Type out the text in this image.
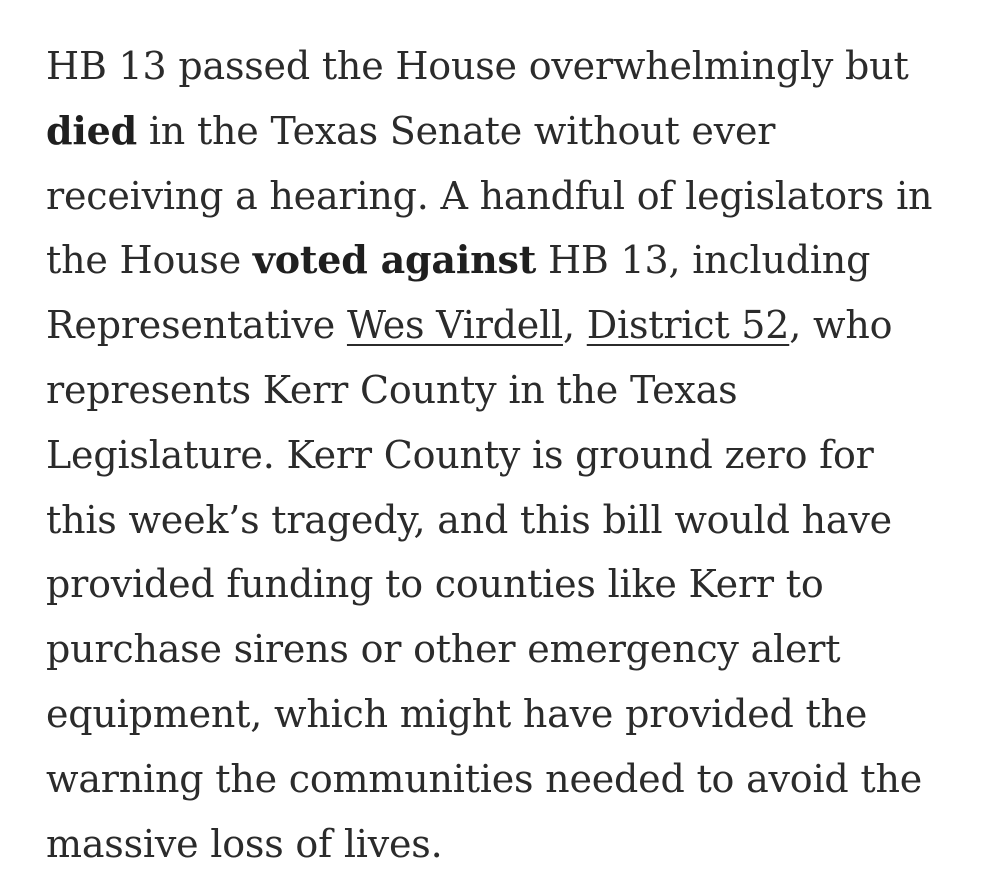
HB 13 passed the House overwhelmingly but
died in the Texas Senate without ever
receiving a hearing. A handful of legislators in
the House voted against HB 13, including
Representative Wes Virdell, District 52, who
represents Kerr County in the Texas
Legislature. Kerr County is ground zero for
this week’s tragedy, and this bill would have
provided funding to counties like Kerr to
purchase sirens or other emergency alert
equipment, which might have provided the
warning the communities needed to avoid the
massive loss of lives.
